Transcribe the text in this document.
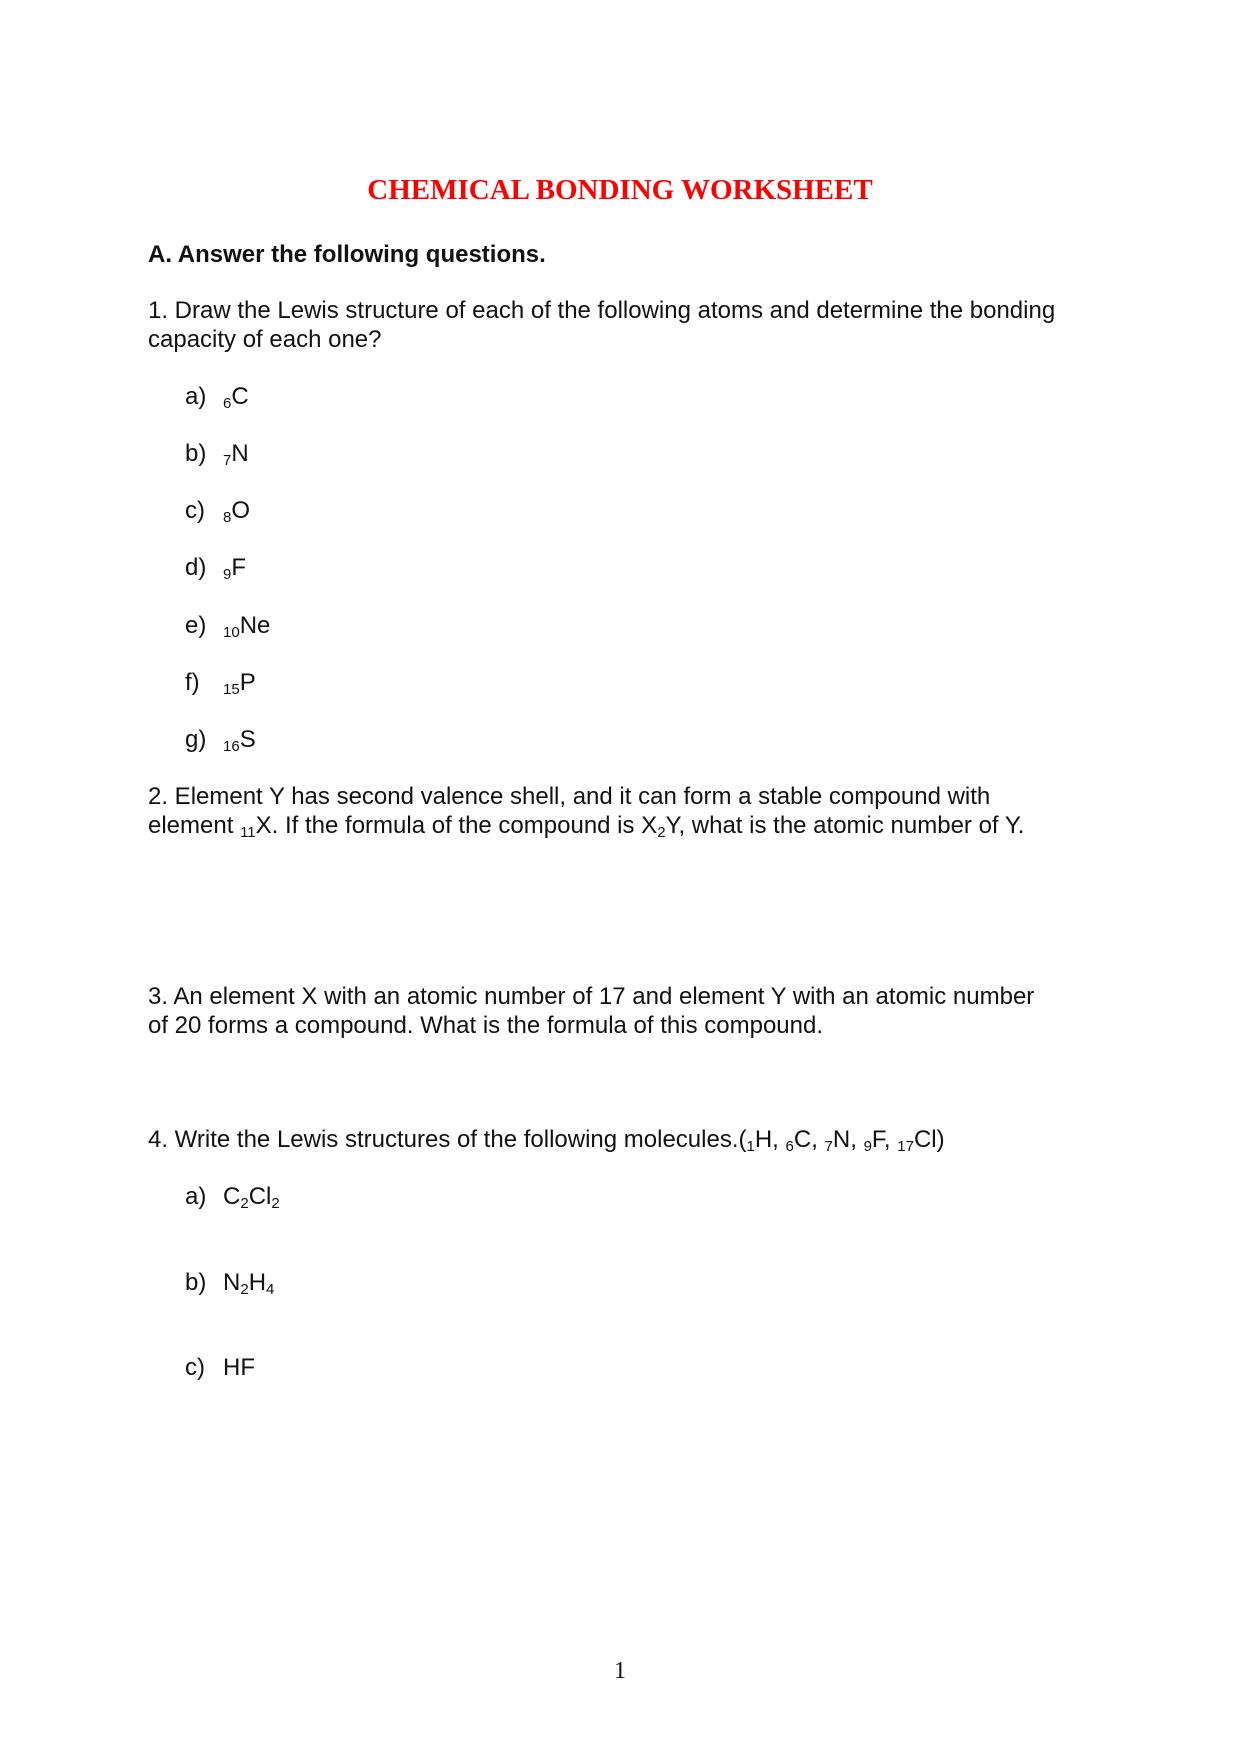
CHEMICAL BONDING WORKSHEET

A. Answer the following questions.

1. Draw the Lewis structure of each of the following atoms and determine the bonding

capacity of each one?

a) $_6$C

b) $_7$N

c) $_8$O

d) $_9$F

e) $_{10}$Ne

f) $_{15}$P

g) $_{16}$S

2. Element Y has second valence shell, and it can form a stable compound with

element $_{11}$X. If the formula of the compound is $X_2Y$, what is the atomic number of Y.

3. An element X with an atomic number of 17 and element Y with an atomic number

of 20 forms a compound. What is the formula of this compound.

4. Write the Lewis structures of the following $molecules.(_1H$, $_6$C, $_7$N, $_9$F, $_{17}$Cl)

a) $C_2Cl_2$

b) $N_2H_4$

c) HF

1
